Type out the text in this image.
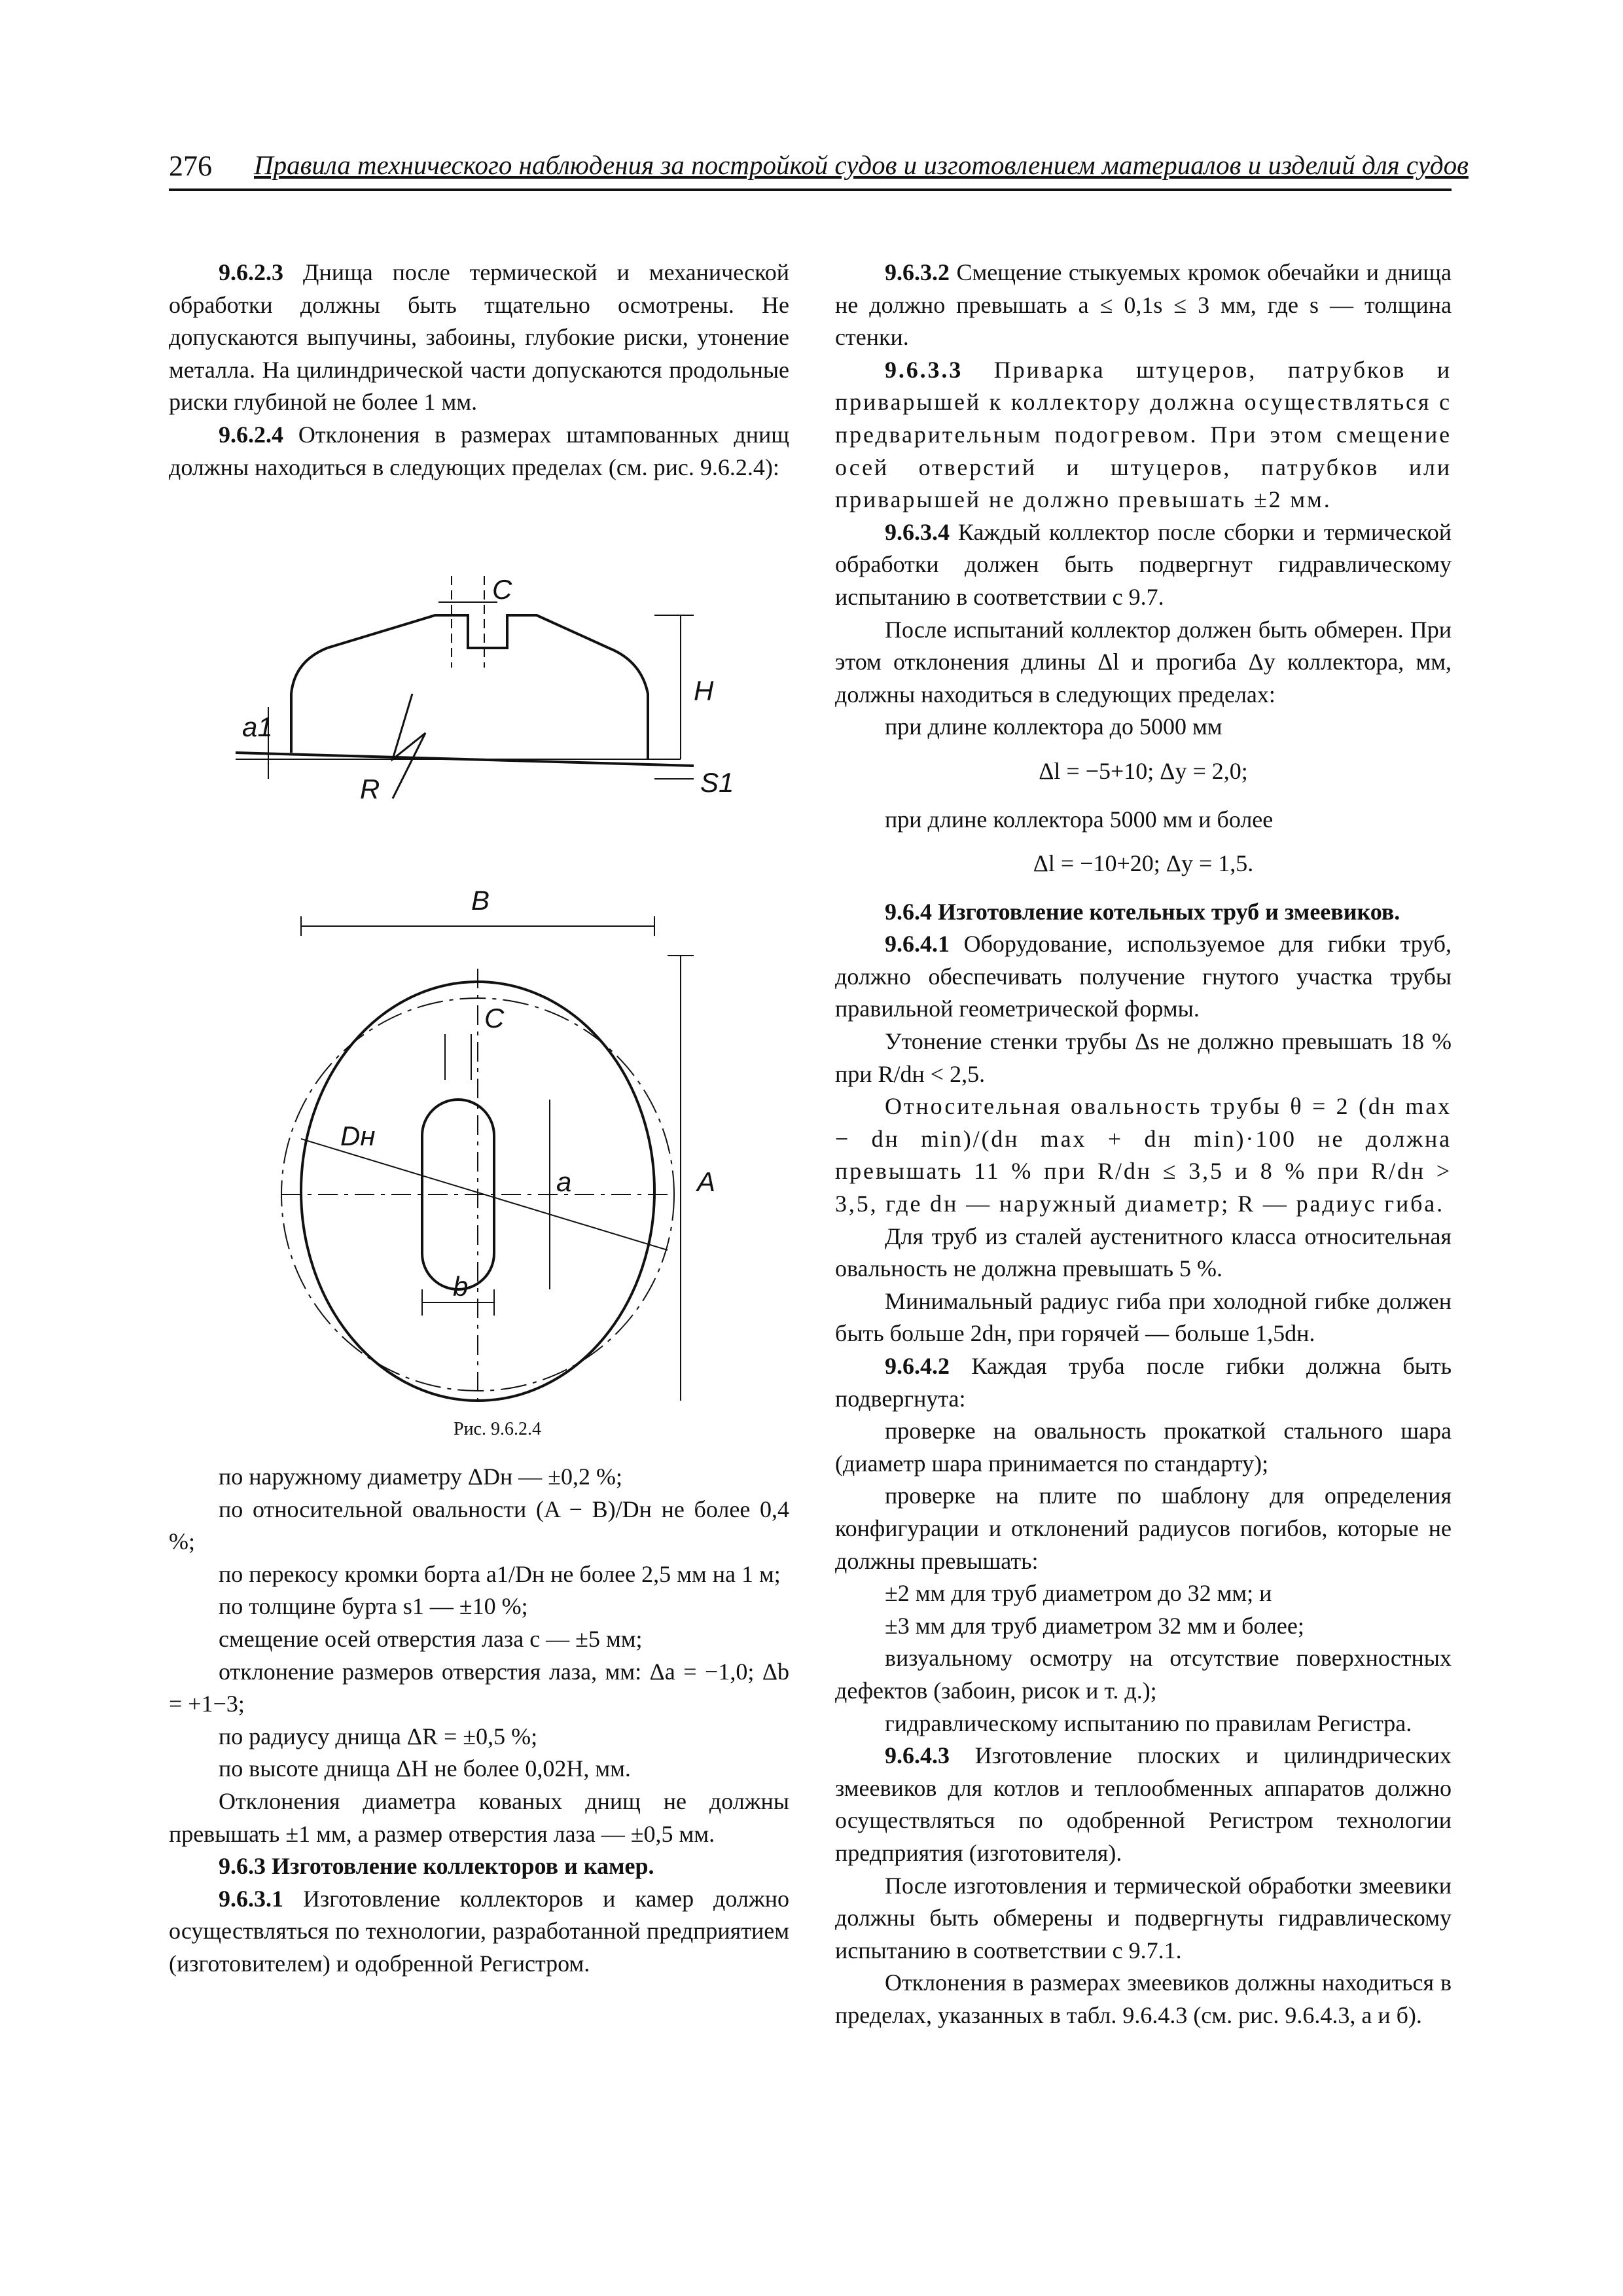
276 Правила технического наблюдения за постройкой судов и изготовлением материалов и изделий для судов

9.6.2.3 Днища после термической и механической обработки должны быть тщательно осмотрены. Не допускаются выпучины, забоины, глубокие риски, утонение металла. На цилиндрической части допускаются продольные риски глубиной не более 1 мм.

9.6.2.4 Отклонения в размерах штампованных днищ должны находиться в следующих пределах (см. рис. 9.6.2.4):

C
a1
H
R	S1
B
C
Dн
a	A
b
Рис. 9.6.2.4

по наружному диаметру ΔDн — ±0,2 %;

по относительной овальности (A − B)/Dн не более 0,4 %;

по перекосу кромки борта a1/Dн не более 2,5 мм на 1 м;

по толщине бурта s1 — ±10 %;

смещение осей отверстия лаза c — ±5 мм;

отклонение размеров отверстия лаза, мм: Δa = −1,0; Δb = +1−3;

по радиусу днища ΔR = ±0,5 %;

по высоте днища ΔH не более 0,02H, мм.

Отклонения диаметра кованых днищ не должны превышать ±1 мм, а размер отверстия лаза — ±0,5 мм.

9.6.3 Изготовление коллекторов и камер.

9.6.3.1 Изготовление коллекторов и камер должно осуществляться по технологии, разработанной предприятием (изготовителем) и одобренной Регистром.

9.6.3.2 Смещение стыкуемых кромок обечайки и днища не должно превышать a ≤ 0,1s ≤ 3 мм, где s — толщина стенки.

9.6.3.3 Приварка штуцеров, патрубков и приварышей к коллектору должна осуществляться с предварительным подогревом. При этом смещение осей отверстий и штуцеров, патрубков или приварышей не должно превышать ±2 мм.

9.6.3.4 Каждый коллектор после сборки и термической обработки должен быть подвергнут гидравлическому испытанию в соответствии с 9.7.

После испытаний коллектор должен быть обмерен. При этом отклонения длины Δl и прогиба Δy коллектора, мм, должны находиться в следующих пределах:

при длине коллектора до 5000 мм

Δl = −5+10; Δy = 2,0;

при длине коллектора 5000 мм и более

Δl = −10+20; Δy = 1,5.

9.6.4 Изготовление котельных труб и змеевиков.

9.6.4.1 Оборудование, используемое для гибки труб, должно обеспечивать получение гнутого участка трубы правильной геометрической формы.

Утонение стенки трубы Δs не должно превышать 18 % при R/dн < 2,5.

Относительная овальность трубы θ = 2 (dн max − dн min)/(dн max + dн min)·100 не должна превышать 11 % при R/dн ≤ 3,5 и 8 % при R/dн > 3,5, где dн — наружный диаметр; R — радиус гиба.

Для труб из сталей аустенитного класса относительная овальность не должна превышать 5 %.

Минимальный радиус гиба при холодной гибке должен быть больше 2dн, при горячей — больше 1,5dн.

9.6.4.2 Каждая труба после гибки должна быть подвергнута:

проверке на овальность прокаткой стального шара (диаметр шара принимается по стандарту);

проверке на плите по шаблону для определения конфигурации и отклонений радиусов погибов, которые не должны превышать:

±2 мм для труб диаметром до 32 мм; и

±3 мм для труб диаметром 32 мм и более;

визуальному осмотру на отсутствие поверхностных дефектов (забоин, рисок и т. д.);

гидравлическому испытанию по правилам Регистра.

9.6.4.3 Изготовление плоских и цилиндрических змеевиков для котлов и теплообменных аппаратов должно осуществляться по одобренной Регистром технологии предприятия (изготовителя).

После изготовления и термической обработки змеевики должны быть обмерены и подвергнуты гидравлическому испытанию в соответствии с 9.7.1.

Отклонения в размерах змеевиков должны находиться в пределах, указанных в табл. 9.6.4.3 (см. рис. 9.6.4.3, a и б).
